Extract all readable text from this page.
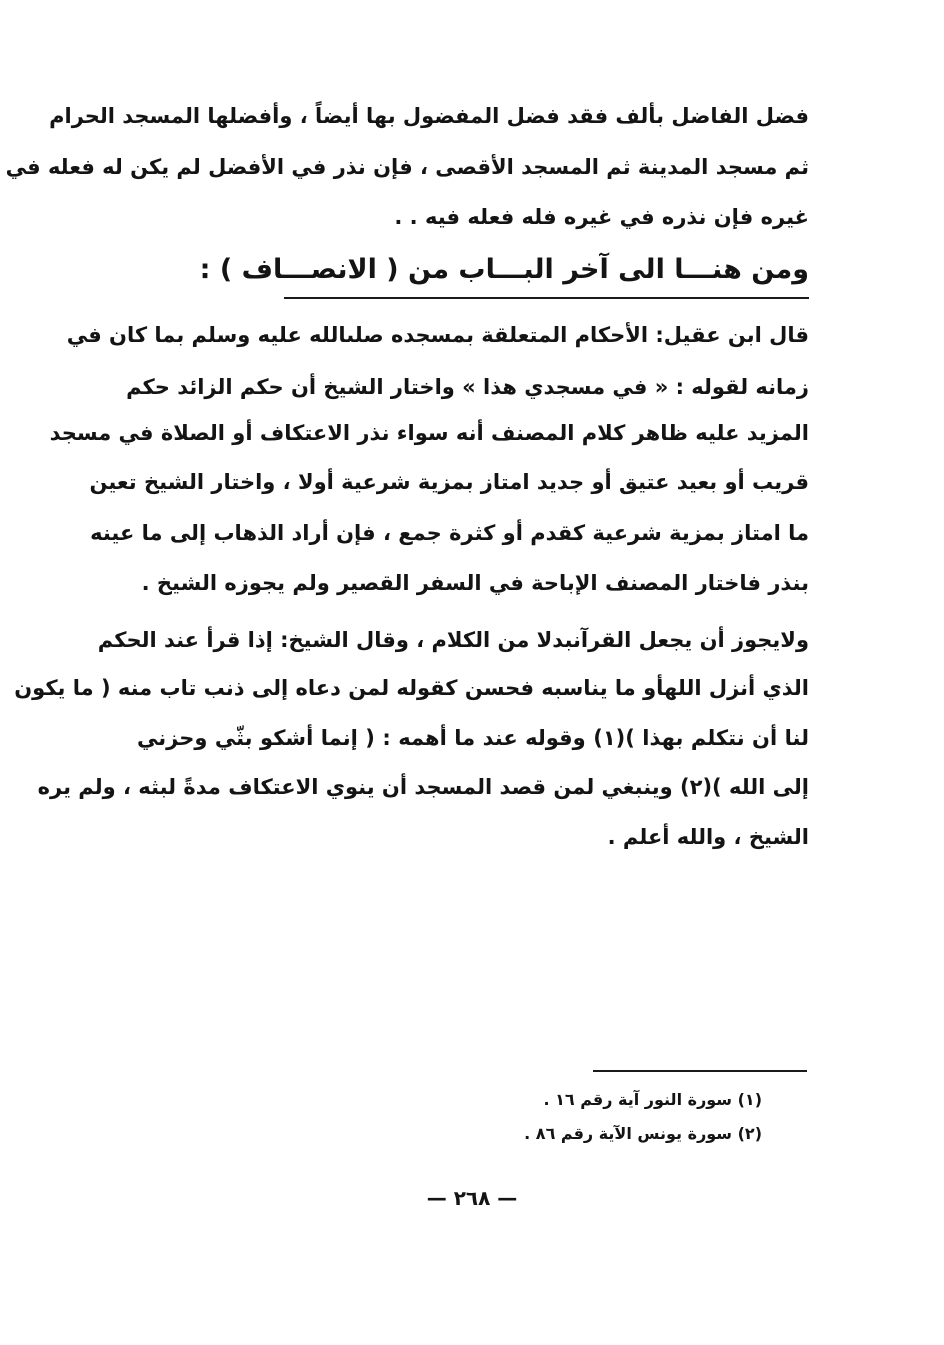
فضل الفاضل بألف فقد فضل المفضول بها أيضاً ، وأفضلها المسجد الحرام
ثم مسجد المدينة ثم المسجد الأقصى ، فإن نذر في الأفضل لم يكن له فعله في
غيره فإن نذره في غيره فله فعله فيه . .
ومن هنـــا الى آخر البـــاب من ( الانصـــاف ) :
قال ابن عقيل: الأحكام المتعلقة بمسجده صلىالله عليه وسلم بما كان في
زمانه لقوله : « في مسجدي هذا » واختار الشيخ أن حكم الزائد حكم
المزيد عليه ظاهر كلام المصنف أنه سواء نذر الاعتكاف أو الصلاة في مسجد
قريب أو بعيد عتيق أو جديد امتاز بمزية شرعية أولا ، واختار الشيخ تعين
ما امتاز بمزية شرعية كقدم أو كثرة جمع ، فإن أراد الذهاب إلى ما عينه
بنذر فاختار المصنف الإباحة في السفر القصير ولم يجوزه الشيخ .
ولايجوز أن يجعل القرآنبدلا من الكلام ، وقال الشيخ: إذا قرأ عند الحكم
الذي أنزل اللهأو ما يناسبه فحسن كقوله لمن دعاه إلى ذنب تاب منه ( ما يكون
لنا أن نتكلم بهذا )(١) وقوله عند ما أهمه : ( إنما أشكو بثّي وحزني
إلى الله )(٢) وينبغي لمن قصد المسجد أن ينوي الاعتكاف مدةً لبثه ، ولم يره
الشيخ ، والله أعلم .
(١) سورة النور آية رقم ١٦ .
(٢) سورة يونس الآية رقم ٨٦ .
— ٢٦٨ —
